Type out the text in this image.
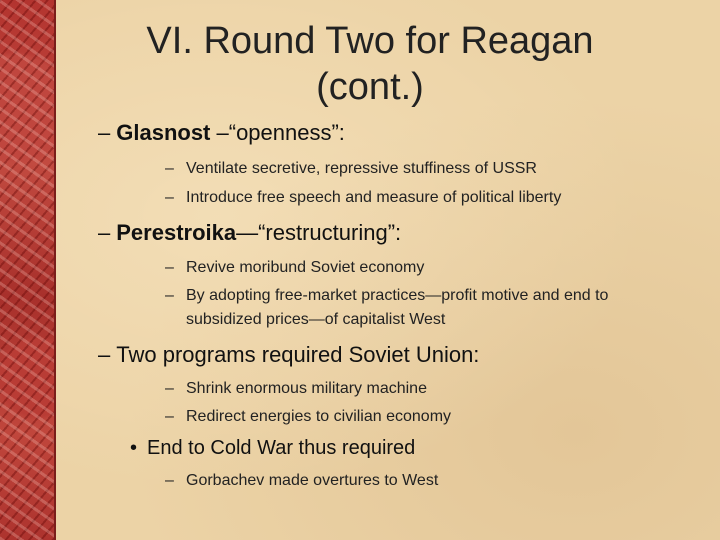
VI. Round Two for Reagan
(cont.)
– Glasnost –“openness”:
– Ventilate secretive, repressive stuffiness of USSR
– Introduce free speech and measure of political liberty
– Perestroika—“restructuring”:
– Revive moribund Soviet economy
– By adopting free-market practices—profit motive and end to subsidized prices—of capitalist West
– Two programs required Soviet Union:
– Shrink enormous military machine
– Redirect energies to civilian economy
• End to Cold War thus required
– Gorbachev made overtures to West
